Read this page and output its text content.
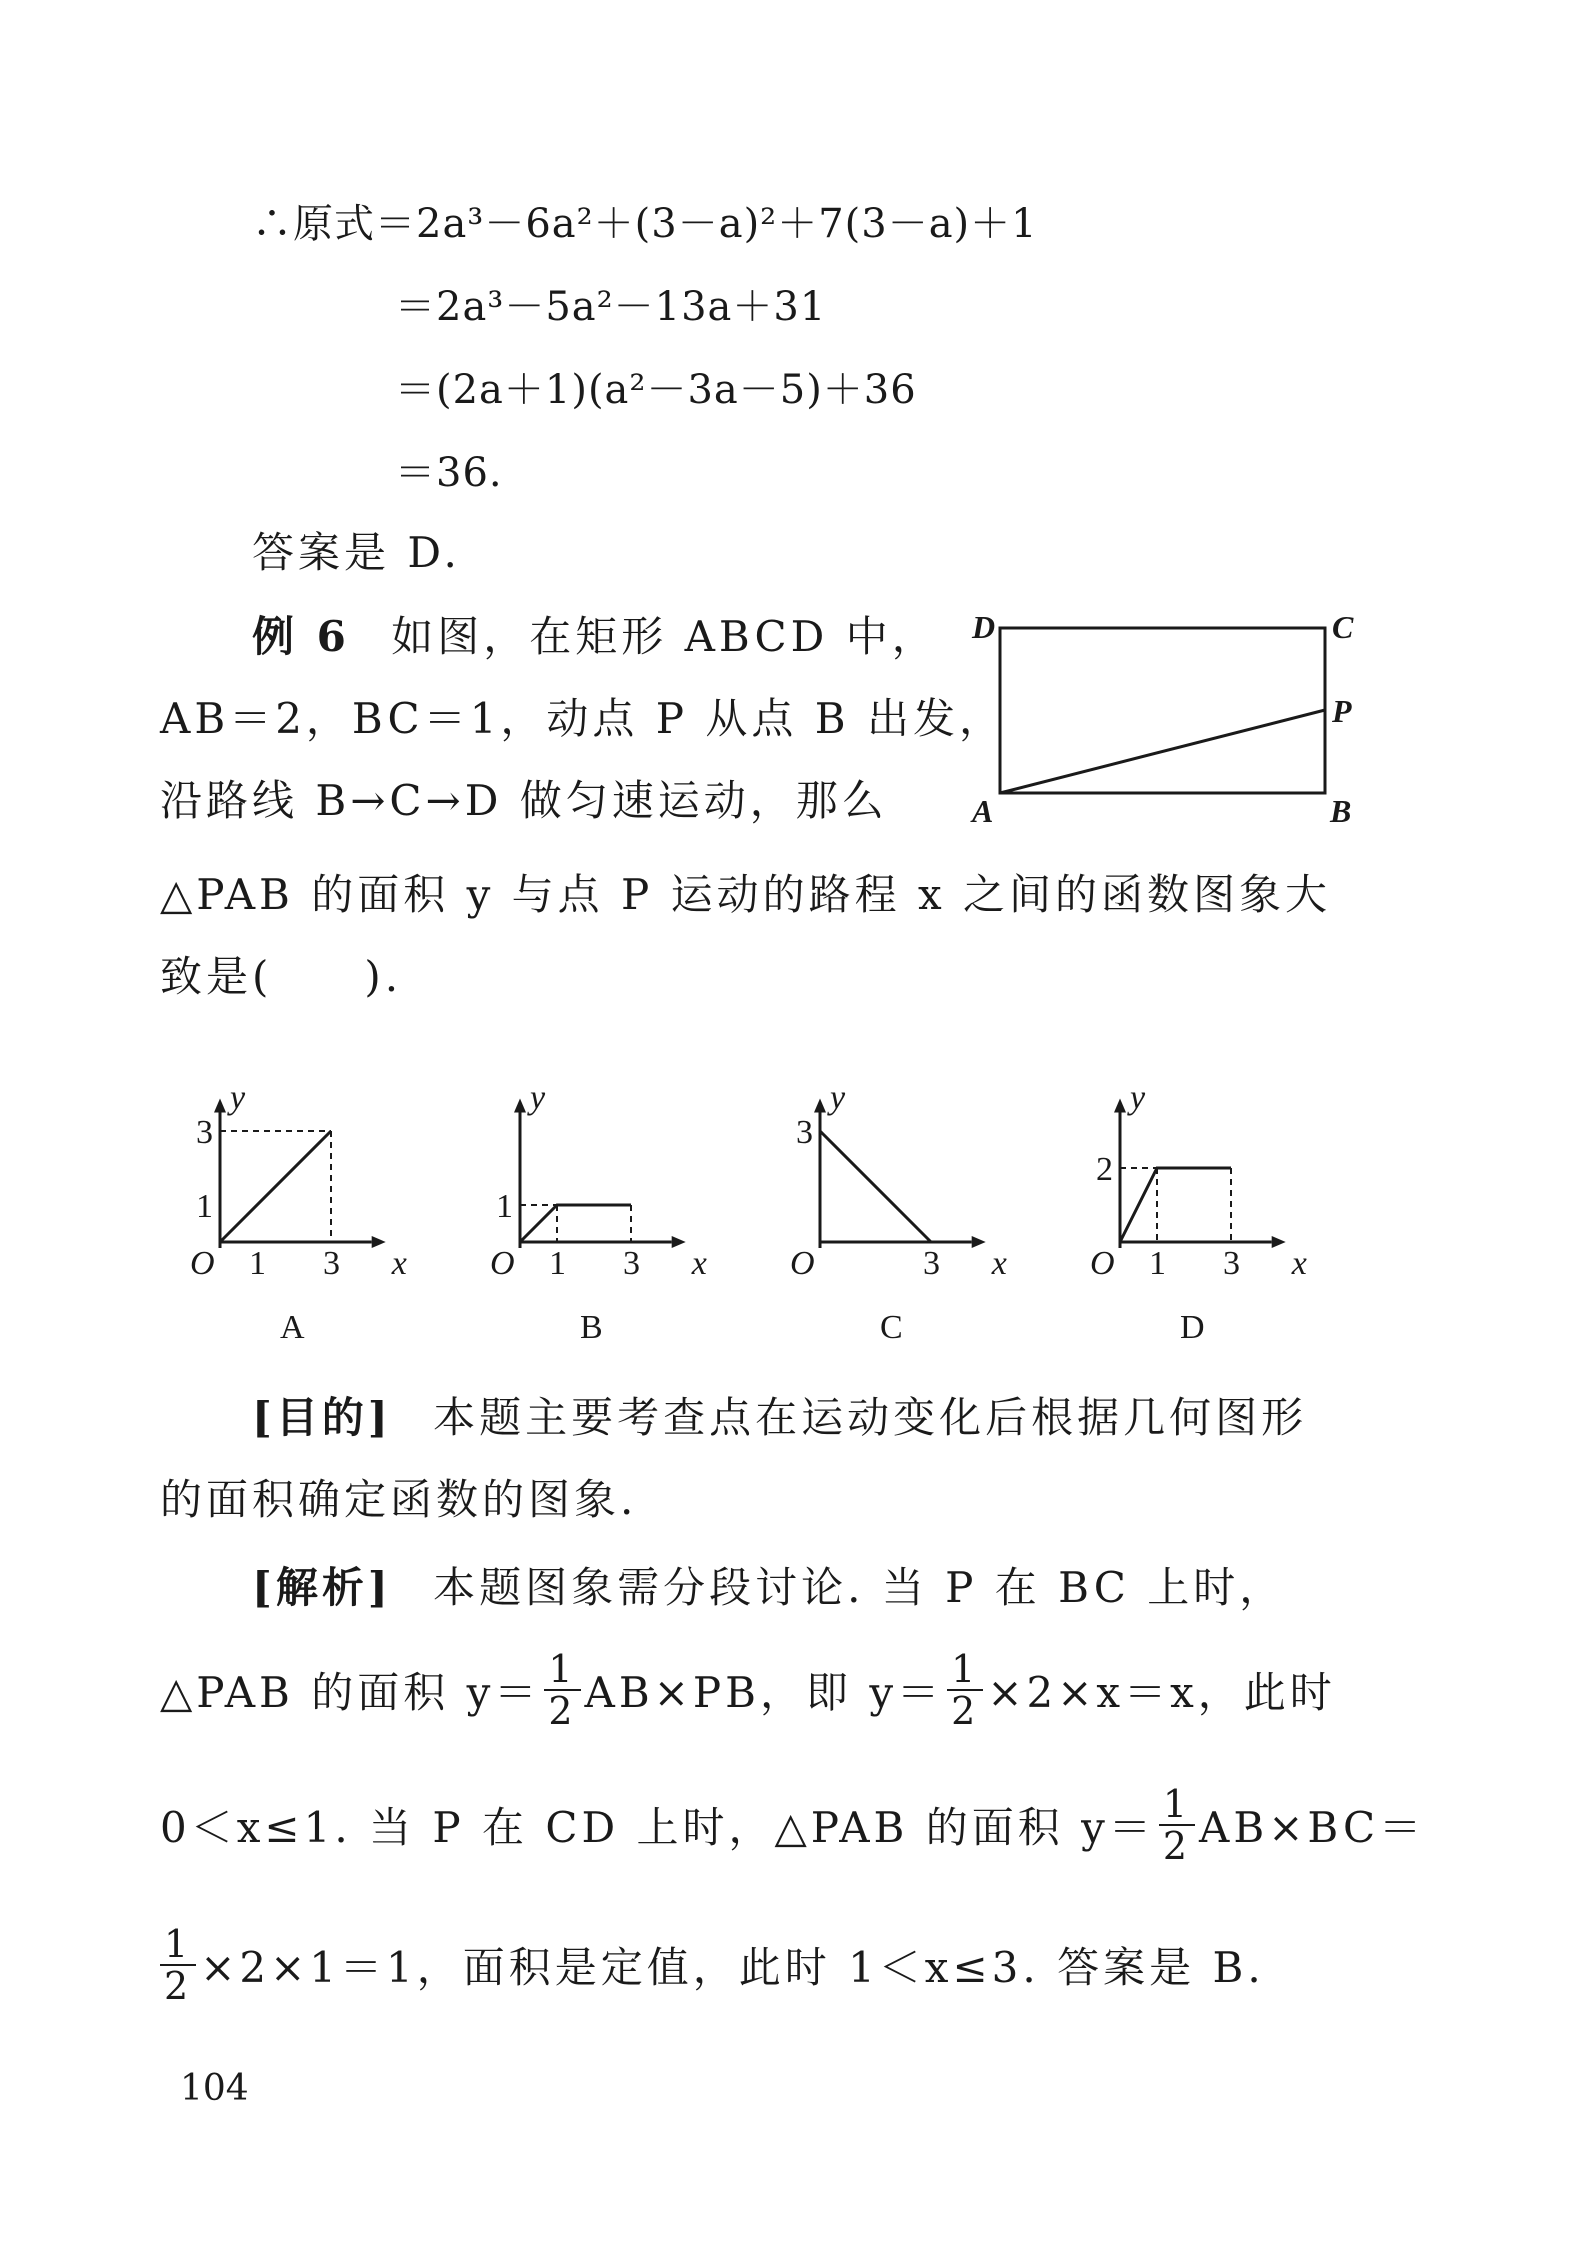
∴原式＝2a³－6a²＋(3－a)²＋7(3－a)＋1
＝2a³－5a²－13a＋31
＝(2a＋1)(a²－3a－5)＋36
＝36.
答案是 D.
例 6 如图，在矩形 ABCD 中，
AB＝2，BC＝1，动点 P 从点 B 出发，
沿路线 B→C→D 做匀速运动，那么
△PAB 的面积 y 与点 P 运动的路程 x 之间的函数图象大
致是(　　).
D	C
P
A	B
1 3
1
3
O	x
y
A
1 3
1
O	x
y
B
3
3
O	x
y
C
1 3
2
O	x
y
D
[目的] 本题主要考查点在运动变化后根据几何图形
的面积确定函数的图象.
[解析] 本题图象需分段讨论. 当 P 在 BC 上时，
△PAB 的面积 $y= \frac{1}{2} AB\times PB$，即 $y= \frac{1}{2} \times 2\times x=x$，此时
0＜x≤1. 当 P 在 CD 上时，△PAB 的面积 $y= \frac{1}{2} AB\times BC=$
$\frac{1}{2} \times 2\times 1=1$，面积是定值，此时 1＜x≤3. 答案是 B.
104
